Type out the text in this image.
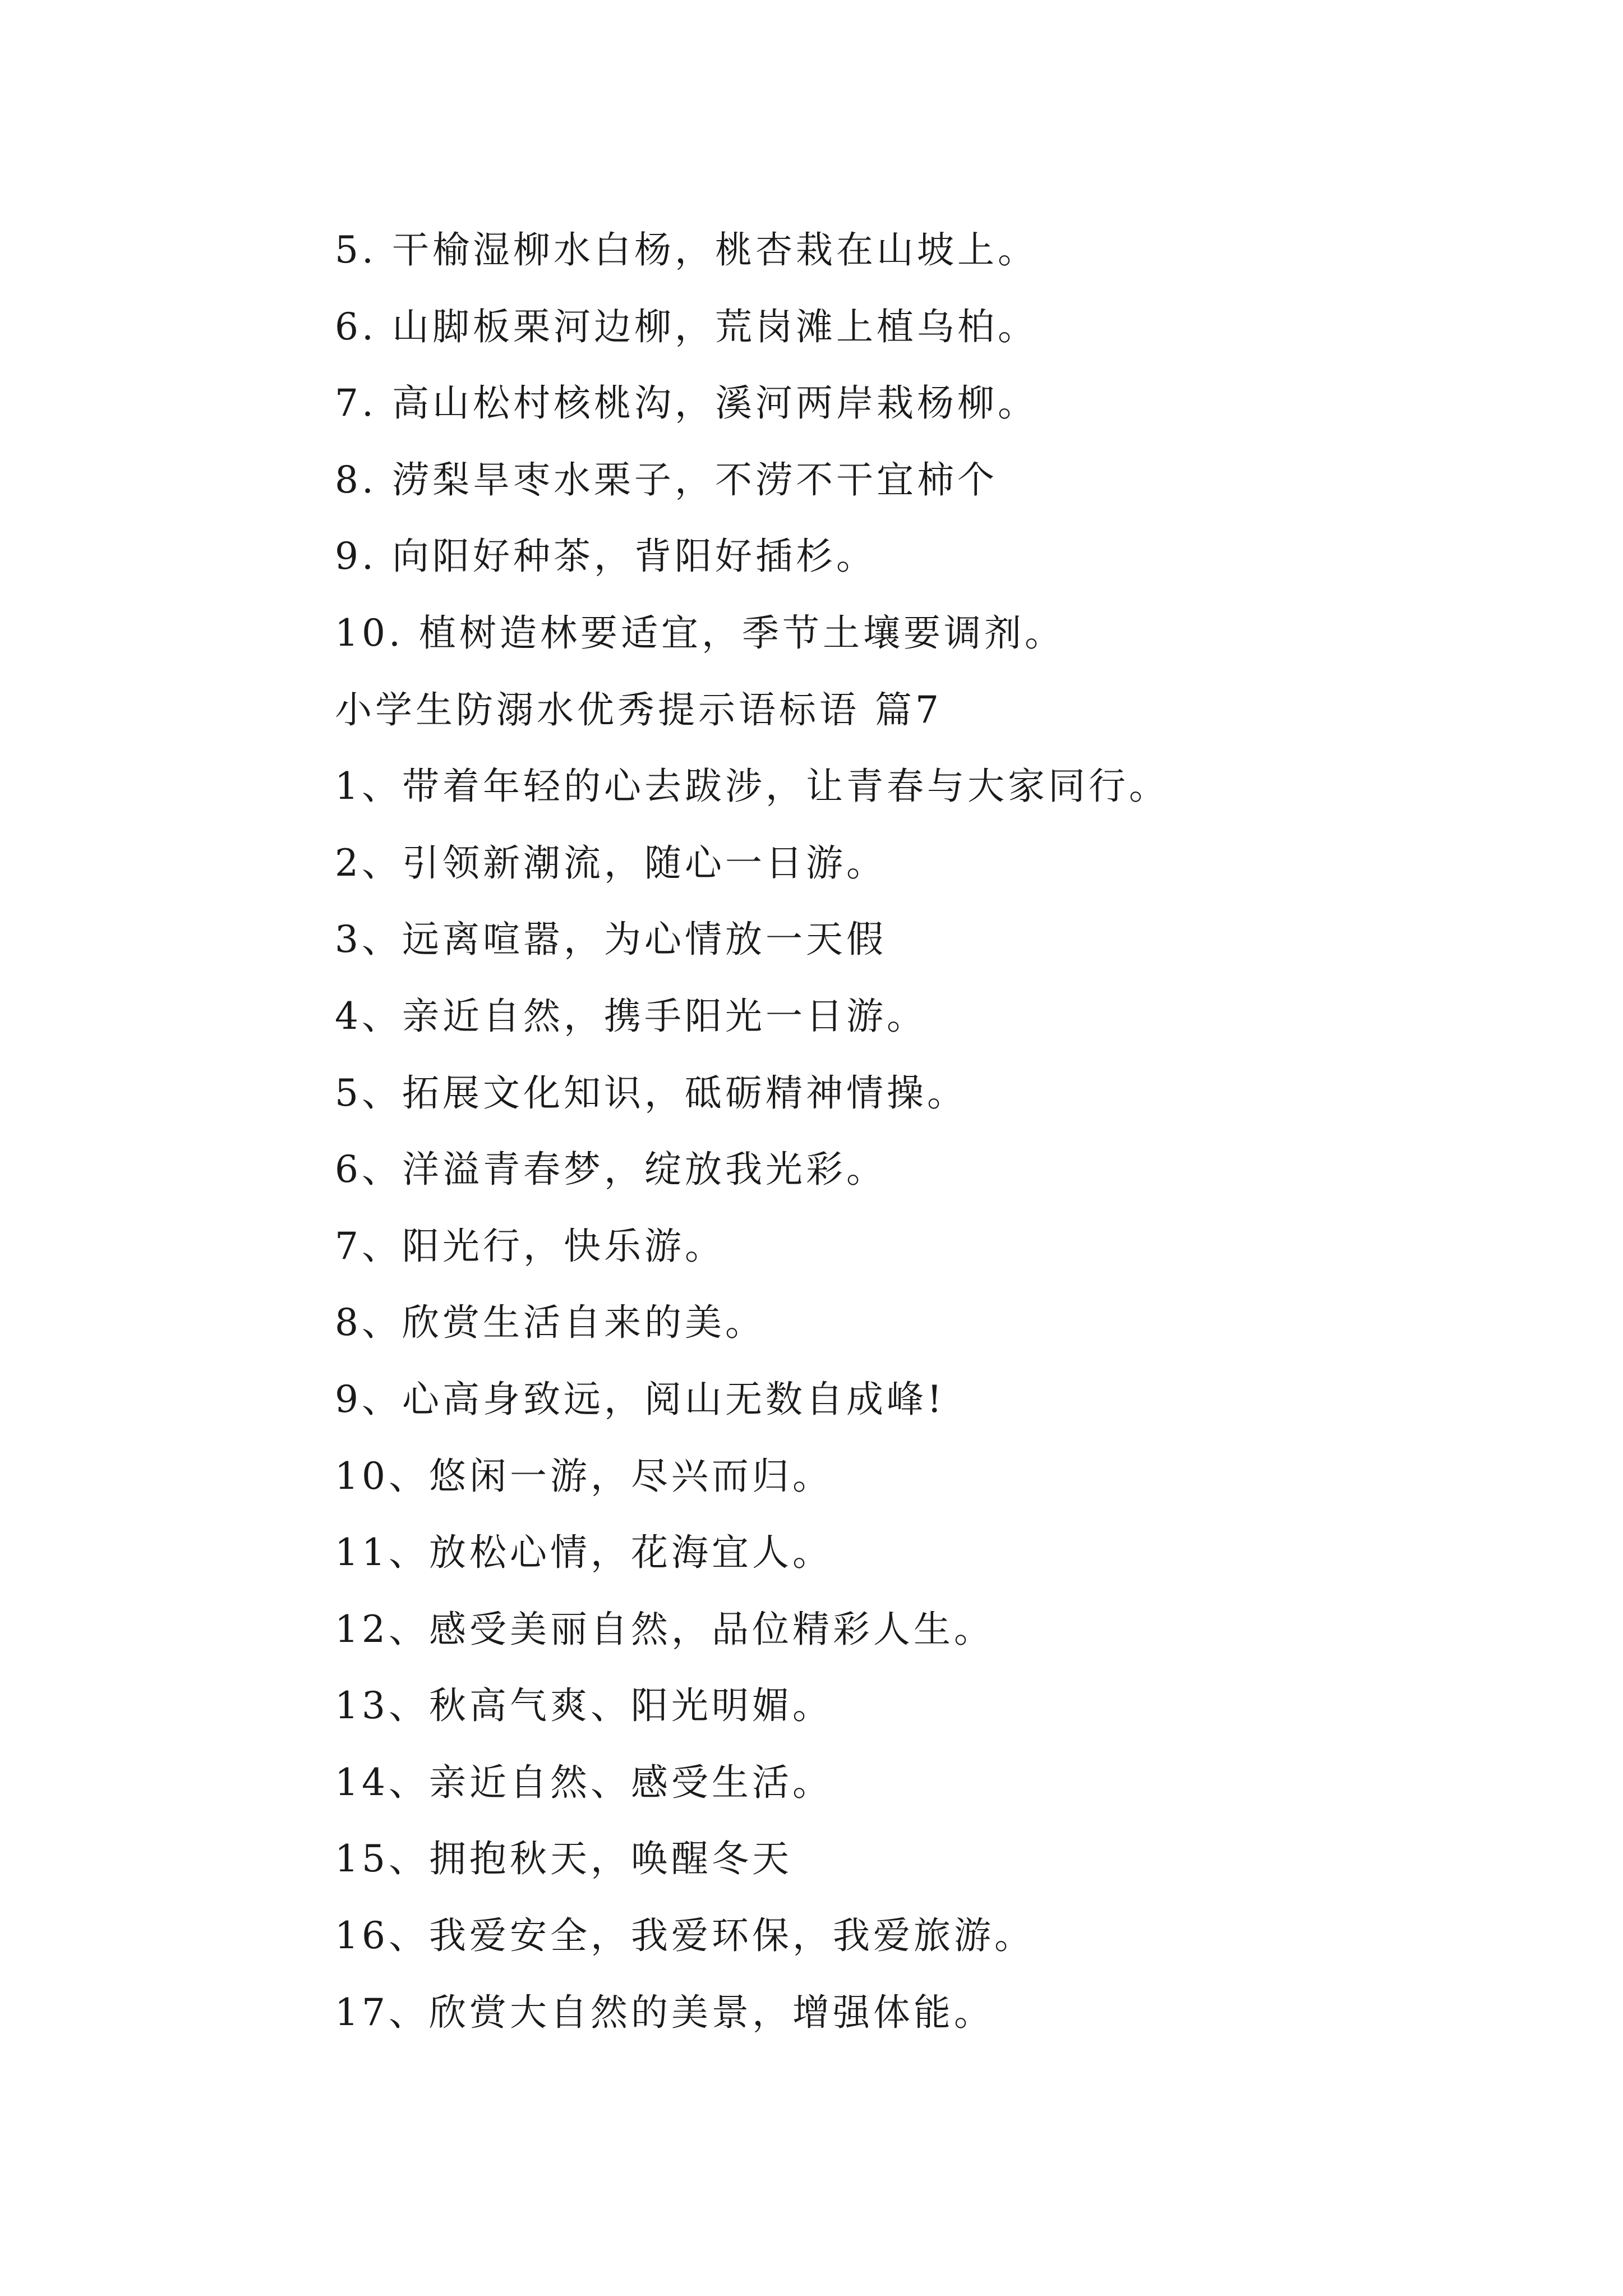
5. 干榆湿柳水白杨，桃杏栽在山坡上。
6. 山脚板栗河边柳，荒岗滩上植乌柏。
7. 高山松村核桃沟，溪河两岸栽杨柳。
8. 涝梨旱枣水栗子，不涝不干宜柿个
9. 向阳好种茶，背阳好插杉。
10. 植树造林要适宜，季节土壤要调剂。
小学生防溺水优秀提示语标语 篇7
1、带着年轻的心去跋涉，让青春与大家同行。
2、引领新潮流，随心一日游。
3、远离喧嚣，为心情放一天假
4、亲近自然，携手阳光一日游。
5、拓展文化知识，砥砺精神情操。
6、洋溢青春梦，绽放我光彩。
7、阳光行，快乐游。
8、欣赏生活自来的美。
9、心高身致远，阅山无数自成峰!
10、悠闲一游，尽兴而归。
11、放松心情，花海宜人。
12、感受美丽自然，品位精彩人生。
13、秋高气爽、阳光明媚。
14、亲近自然、感受生活。
15、拥抱秋天，唤醒冬天
16、我爱安全，我爱环保，我爱旅游。
17、欣赏大自然的美景，增强体能。
